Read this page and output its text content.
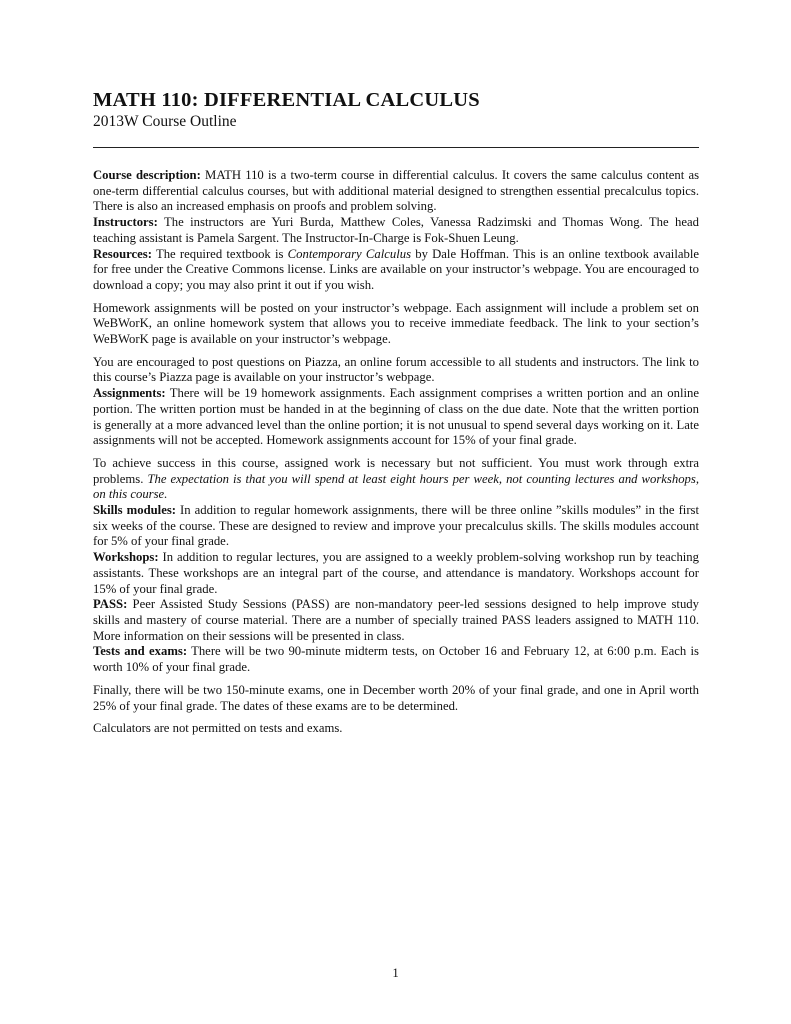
MATH 110: DIFFERENTIAL CALCULUS
2013W Course Outline

Course description: MATH 110 is a two-term course in differential calculus. It covers the same calculus content as one-term differential calculus courses, but with additional material designed to strengthen essential precalculus topics. There is also an increased emphasis on proofs and problem solving.

Instructors: The instructors are Yuri Burda, Matthew Coles, Vanessa Radzimski and Thomas Wong. The head teaching assistant is Pamela Sargent. The Instructor-In-Charge is Fok-Shuen Leung.

Resources: The required textbook is Contemporary Calculus by Dale Hoffman. This is an online textbook available for free under the Creative Commons license. Links are available on your instructor’s webpage. You are encouraged to download a copy; you may also print it out if you wish.

Homework assignments will be posted on your instructor’s webpage. Each assignment will include a problem set on WeBWorK, an online homework system that allows you to receive immediate feedback. The link to your section’s WeBWorK page is available on your instructor’s webpage.

You are encouraged to post questions on Piazza, an online forum accessible to all students and instructors. The link to this course’s Piazza page is available on your instructor’s webpage.

Assignments: There will be 19 homework assignments. Each assignment comprises a written portion and an online portion. The written portion must be handed in at the beginning of class on the due date. Note that the written portion is generally at a more advanced level than the online portion; it is not unusual to spend several days working on it. Late assignments will not be accepted. Homework assignments account for 15% of your final grade.

To achieve success in this course, assigned work is necessary but not sufficient. You must work through extra problems. The expectation is that you will spend at least eight hours per week, not counting lectures and workshops, on this course.

Skills modules: In addition to regular homework assignments, there will be three online ”skills modules” in the first six weeks of the course. These are designed to review and improve your precalculus skills. The skills modules account for 5% of your final grade.

Workshops: In addition to regular lectures, you are assigned to a weekly problem-solving workshop run by teaching assistants. These workshops are an integral part of the course, and attendance is mandatory. Workshops account for 15% of your final grade.

PASS: Peer Assisted Study Sessions (PASS) are non-mandatory peer-led sessions designed to help improve study skills and mastery of course material. There are a number of specially trained PASS leaders assigned to MATH 110. More information on their sessions will be presented in class.

Tests and exams: There will be two 90-minute midterm tests, on October 16 and February 12, at 6:00 p.m. Each is worth 10% of your final grade.

Finally, there will be two 150-minute exams, one in December worth 20% of your final grade, and one in April worth 25% of your final grade. The dates of these exams are to be determined.

Calculators are not permitted on tests and exams.

1
